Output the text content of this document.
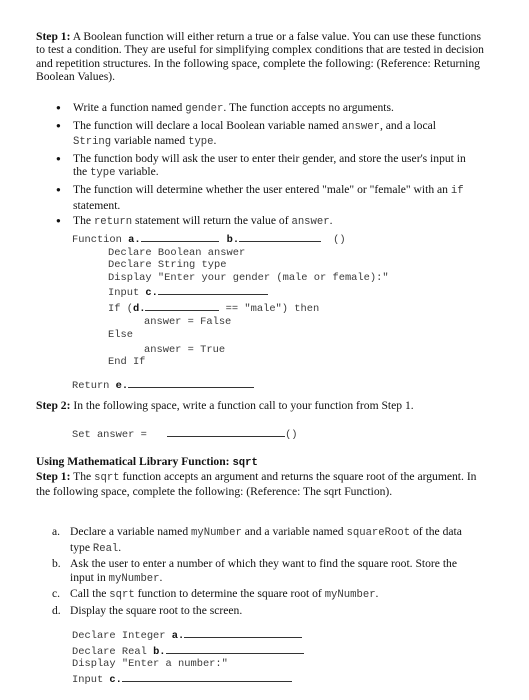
Step 1: A Boolean function will either return a true or a false value. You can use these functions to test a condition. They are useful for simplifying complex conditions that are tested in decision and repetition structures. In the following space, complete the following: (Reference: Returning Boolean Values).

● Write a function named gender. The function accepts no arguments.
● The function will declare a local Boolean variable named answer, and a local String variable named type.
● The function body will ask the user to enter their gender, and store the user's input in the type variable.
● The function will determine whether the user entered "male" or "female" with an if statement.
● The return statement will return the value of answer.
Function a.	b.	()
Declare Boolean answer
Declare String type
Display "Enter your gender (male or female):"
Input c.
If (d.	== "male") then
answer = False
Else
answer = True
End If
Return e.

Step 2: In the following space, write a function call to your function from Step 1.

Set answer =	()

Using Mathematical Library Function: sqrt

Step 1: The sqrt function accepts an argument and returns the square root of the argument. In the following space, complete the following: (Reference: The sqrt Function).

a. Declare a variable named myNumber and a variable named squareRoot of the data type Real.
b. Ask the user to enter a number of which they want to find the square root. Store the input in myNumber.
c. Call the sqrt function to determine the square root of myNumber.
d. Display the square root to the screen.
Declare Integer a.
Declare Real b.
Display "Enter a number:"
Input c.
